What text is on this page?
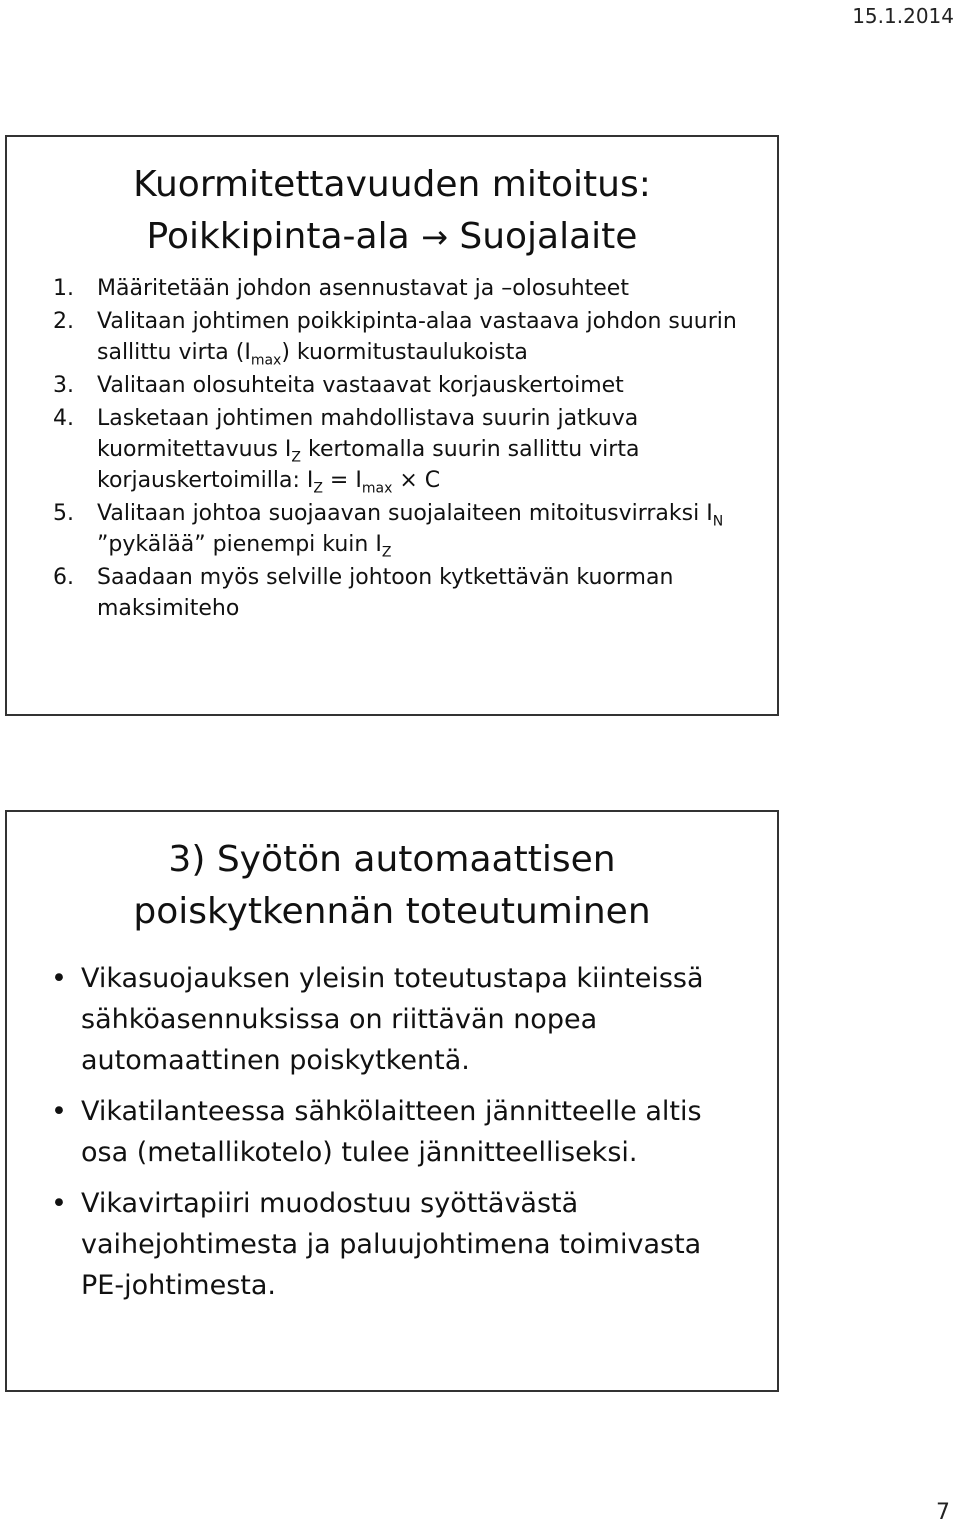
15.1.2014
Kuormitettavuuden mitoitus:
Poikkipinta-ala → Suojalaite
1. Määritetään johdon asennustavat ja –olosuhteet
2. Valitaan johtimen poikkipinta-alaa vastaava johdon suurin sallittu virta $(I_{max})$ kuormitustaulukoista
3. Valitaan olosuhteita vastaavat korjauskertoimet
4. Lasketaan johtimen mahdollistava suurin jatkuva kuormitettavuus $I_Z$ kertomalla suurin sallittu virta korjauskertoimilla: $I_Z = I_{max} \times C$
5. Valitaan johtoa suojaavan suojalaiteen mitoitusvirraksi $I_N$ ”pykälää” pienempi kuin $I_Z$
6. Saadaan myös selville johtoon kytkettävän kuorman maksimiteho
3) Syötön automaattisen
poiskytkennän toteutuminen
• Vikasuojauksen yleisin toteutustapa kiinteissä sähköasennuksissa on riittävän nopea automaattinen poiskytkentä.
• Vikatilanteessa sähkölaitteen jännitteelle altis osa (metallikotelo) tulee jännitteelliseksi.
• Vikavirtapiiri muodostuu syöttävästä vaihejohtimesta ja paluujohtimena toimivasta PE-johtimesta.
7
